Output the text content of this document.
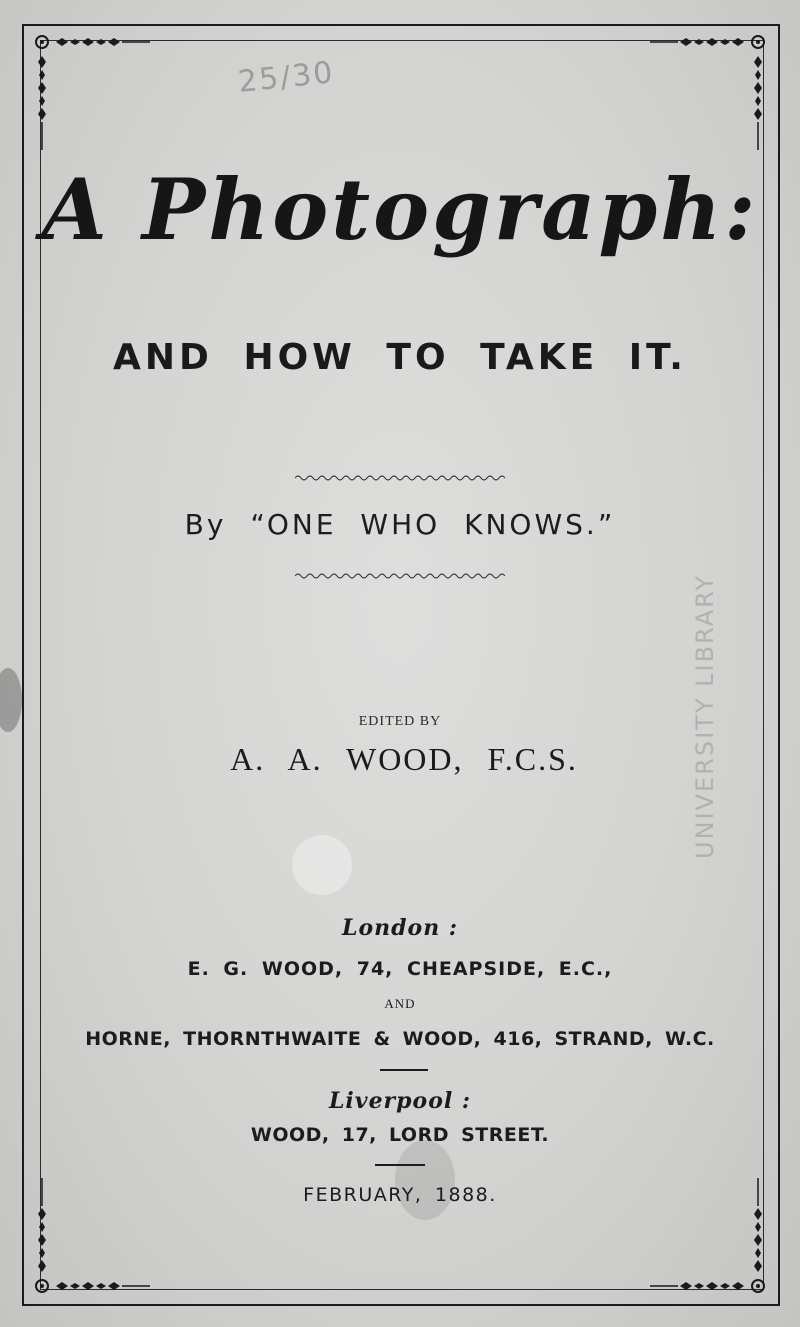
25/30
A Photograph:
AND HOW TO TAKE IT.
By “ONE WHO KNOWS.”
UNIVERSITY LIBRARY
EDITED BY
A. A. WOOD, F.C.S.
London :
E. G. WOOD, 74, CHEAPSIDE, E.C.,
AND
HORNE, THORNTHWAITE & WOOD, 416, STRAND, W.C.
Liverpool :
WOOD, 17, LORD STREET.
FEBRUARY, 1888.
